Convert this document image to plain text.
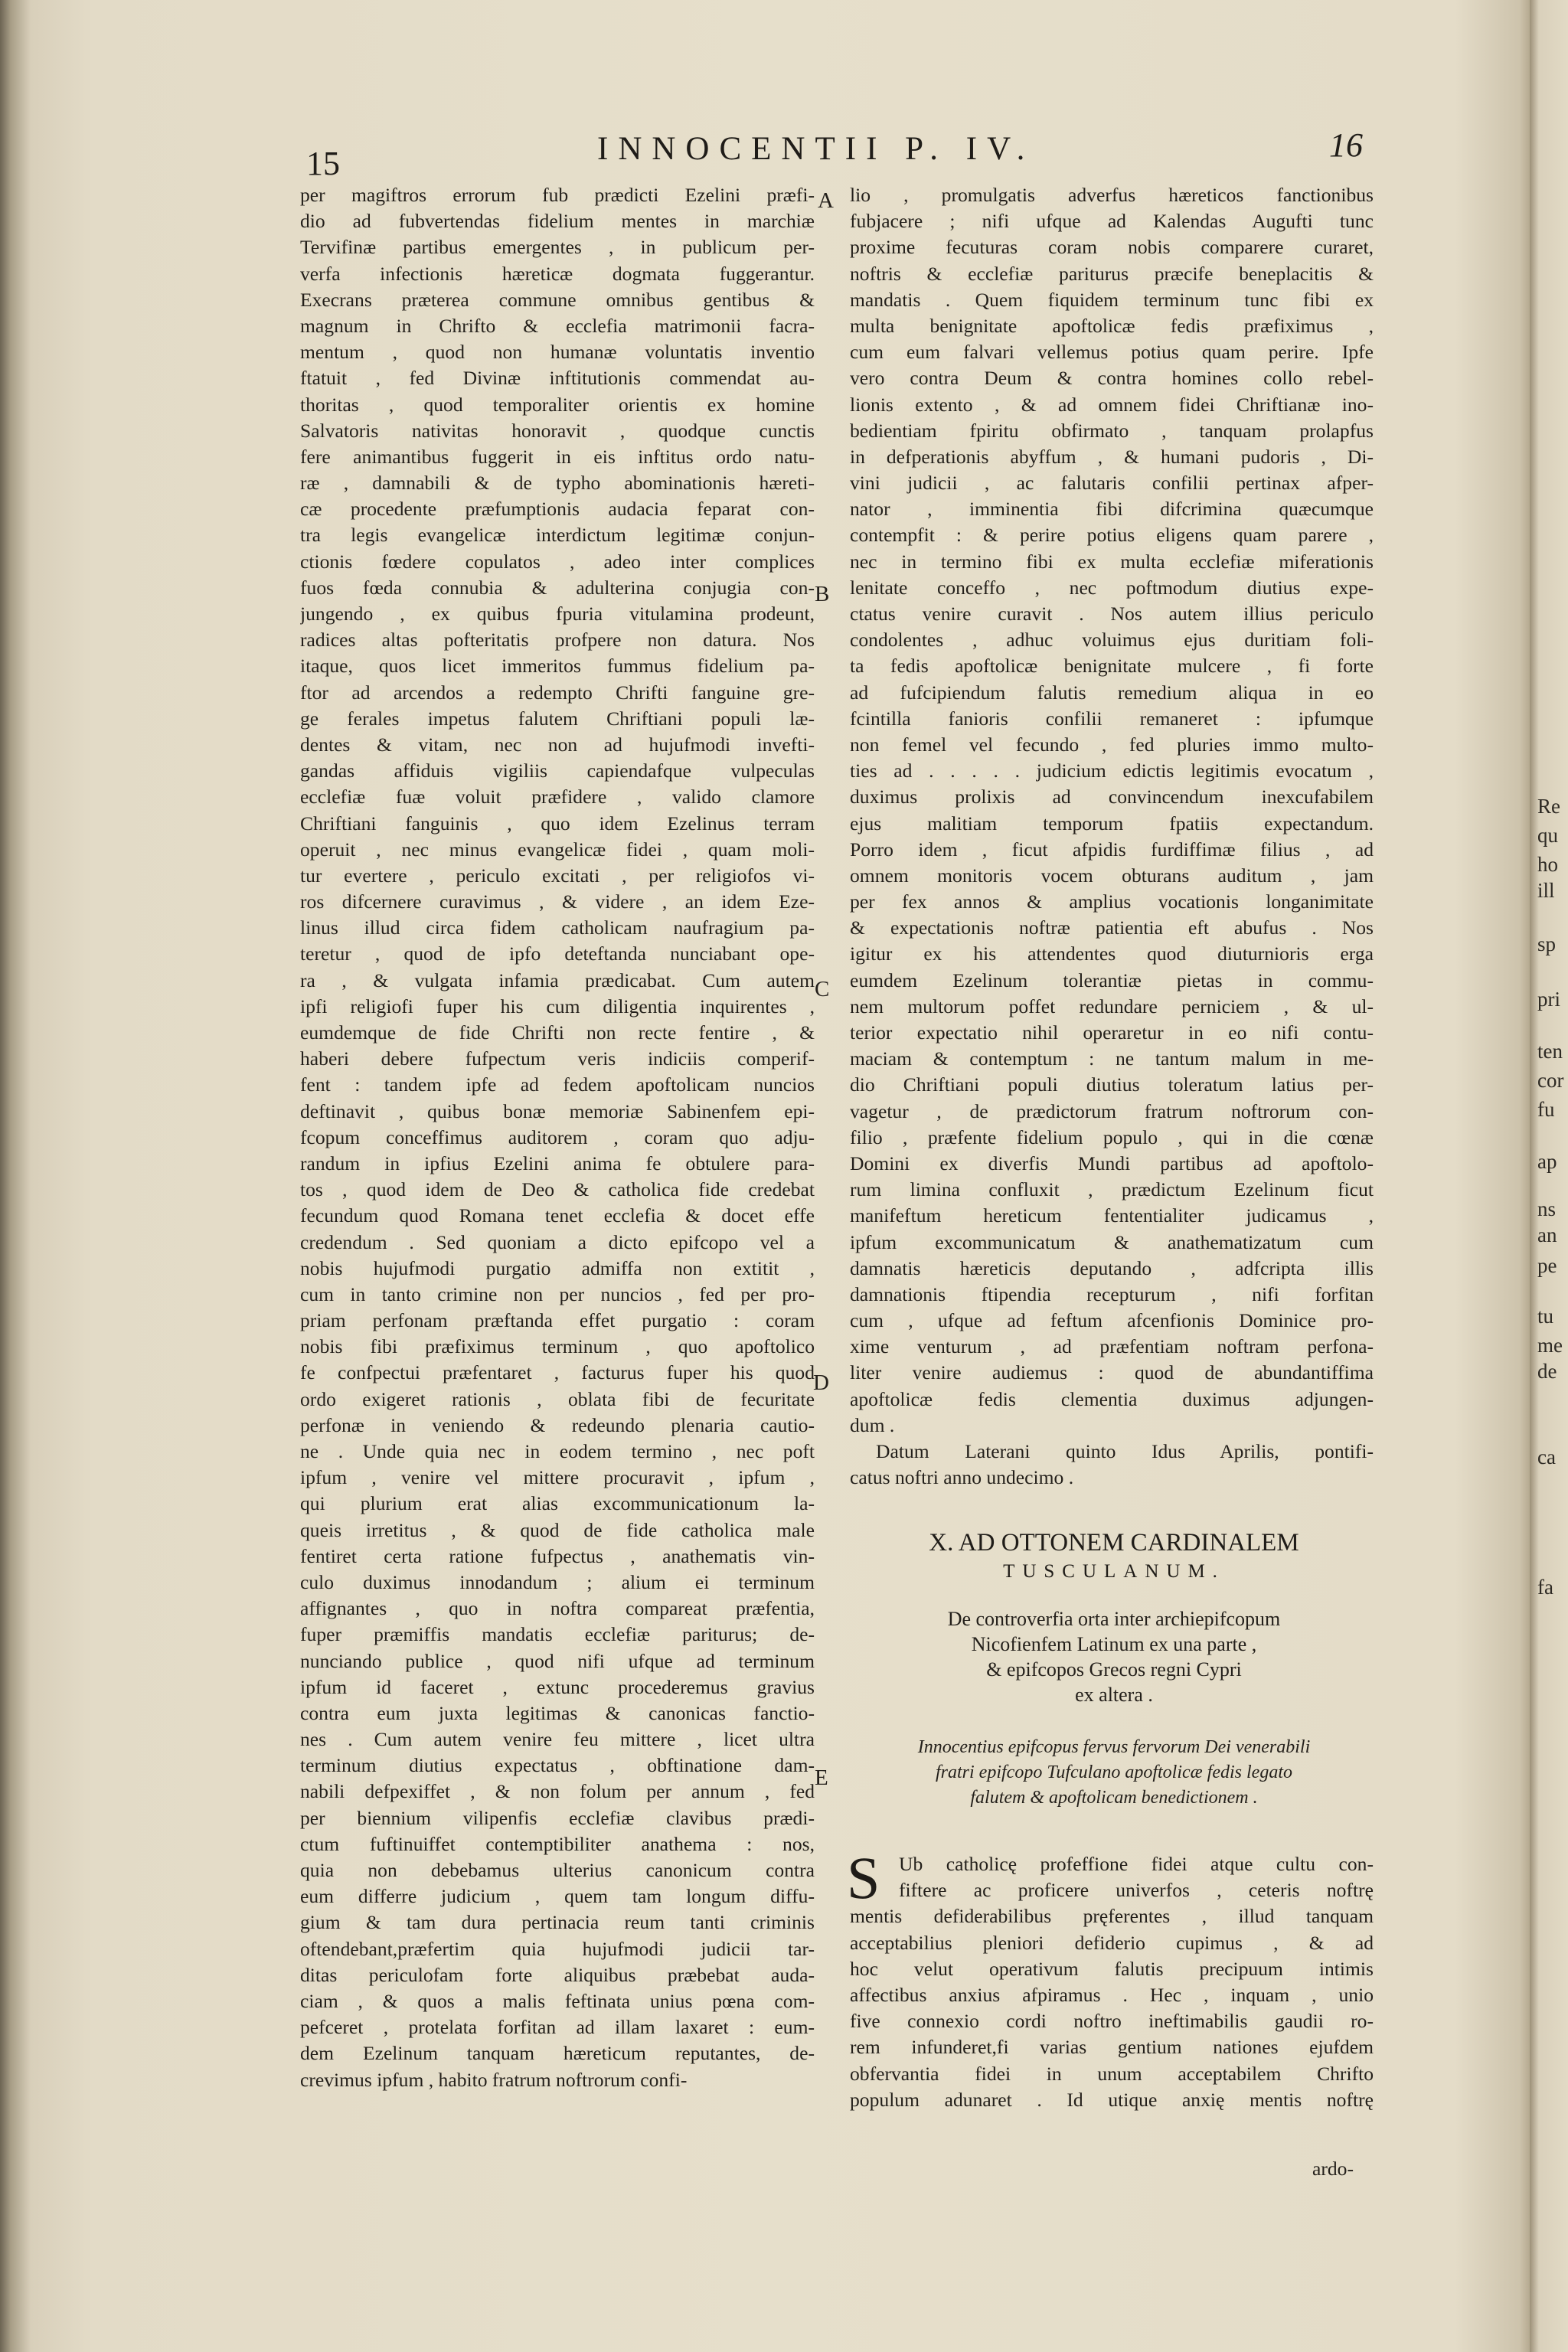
Re
qu
ho
ill
sp
pri
ten
cor
fu
ap
ns
an
pe
tu
me
de
ca
fa
15	INNOCENTII P. IV.	16
A
B
C
D
E
per magiftros errorum fub prædicti Ezelini præfi-
dio ad fubvertendas fidelium mentes in marchiæ
Tervifinæ partibus emergentes , in publicum per-
verfa infectionis hæreticæ dogmata fuggerantur.
Execrans præterea commune omnibus gentibus &
magnum in Chrifto & ecclefia matrimonii facra-
mentum , quod non humanæ voluntatis inventio
ftatuit , fed Divinæ inftitutionis commendat au-
thoritas , quod temporaliter orientis ex homine
Salvatoris nativitas honoravit , quodque cunctis
fere animantibus fuggerit in eis inftitus ordo natu-
ræ , damnabili & de typho abominationis hæreti-
cæ procedente præfumptionis audacia feparat con-
tra legis evangelicæ interdictum legitimæ conjun-
ctionis fœdere copulatos , adeo inter complices
fuos fœda connubia & adulterina conjugia con-
jungendo , ex quibus fpuria vitulamina prodeunt,
radices altas pofteritatis profpere non datura. Nos
itaque, quos licet immeritos fummus fidelium pa-
ftor ad arcendos a redempto Chrifti fanguine gre-
ge ferales impetus falutem Chriftiani populi læ-
dentes & vitam, nec non ad hujufmodi invefti-
gandas affiduis vigiliis capiendafque vulpeculas
ecclefiæ fuæ voluit præfidere , valido clamore
Chriftiani fanguinis , quo idem Ezelinus terram
operuit , nec minus evangelicæ fidei , quam moli-
tur evertere , periculo excitati , per religiofos vi-
ros difcernere curavimus , & videre , an idem Eze-
linus illud circa fidem catholicam naufragium pa-
teretur , quod de ipfo deteftanda nunciabant ope-
ra , & vulgata infamia prædicabat. Cum autem
ipfi religiofi fuper his cum diligentia inquirentes ,
eumdemque de fide Chrifti non recte fentire , &
haberi debere fufpectum veris indiciis comperif-
fent : tandem ipfe ad fedem apoftolicam nuncios
deftinavit , quibus bonæ memoriæ Sabinenfem epi-
fcopum conceffimus auditorem , coram quo adju-
randum in ipfius Ezelini anima fe obtulere para-
tos , quod idem de Deo & catholica fide credebat
fecundum quod Romana tenet ecclefia & docet effe
credendum . Sed quoniam a dicto epifcopo vel a
nobis hujufmodi purgatio admiffa non extitit ,
cum in tanto crimine non per nuncios , fed per pro-
priam perfonam præftanda effet purgatio : coram
nobis fibi præfiximus terminum , quo apoftolico
fe confpectui præfentaret , facturus fuper his quod
ordo exigeret rationis , oblata fibi de fecuritate
perfonæ in veniendo & redeundo plenaria cautio-
ne . Unde quia nec in eodem termino , nec poft
ipfum , venire vel mittere procuravit , ipfum ,
qui plurium erat alias excommunicationum la-
queis irretitus , & quod de fide catholica male
fentiret certa ratione fufpectus , anathematis vin-
culo duximus innodandum ; alium ei terminum
affignantes , quo in noftra compareat præfentia,
fuper præmiffis mandatis ecclefiæ pariturus; de-
nunciando publice , quod nifi ufque ad terminum
ipfum id faceret , extunc procederemus gravius
contra eum juxta legitimas & canonicas fanctio-
nes . Cum autem venire feu mittere , licet ultra
terminum diutius expectatus , obftinatione dam-
nabili defpexiffet , & non folum per annum , fed
per biennium vilipenfis ecclefiæ clavibus prædi-
ctum fuftinuiffet contemptibiliter anathema : nos,
quia non debebamus ulterius canonicum contra
eum differre judicium , quem tam longum diffu-
gium & tam dura pertinacia reum tanti criminis
oftendebant,præfertim quia hujufmodi judicii tar-
ditas periculofam forte aliquibus præbebat auda-
ciam , & quos a malis feftinata unius pœna com-
pefceret , protelata forfitan ad illam laxaret : eum-
dem Ezelinum tanquam hæreticum reputantes, de-
crevimus ipfum , habito fratrum noftrorum confi-
lio , promulgatis adverfus hæreticos fanctionibus
fubjacere ; nifi ufque ad Kalendas Augufti tunc
proxime fecuturas coram nobis comparere curaret,
noftris & ecclefiæ pariturus præcife beneplacitis &
mandatis . Quem fiquidem terminum tunc fibi ex
multa benignitate apoftolicæ fedis præfiximus ,
cum eum falvari vellemus potius quam perire. Ipfe
vero contra Deum & contra homines collo rebel-
lionis extento , & ad omnem fidei Chriftianæ ino-
bedientiam fpiritu obfirmato , tanquam prolapfus
in defperationis abyffum , & humani pudoris , Di-
vini judicii , ac falutaris confilii pertinax afper-
nator , imminentia fibi difcrimina quæcumque
contempfit : & perire potius eligens quam parere ,
nec in termino fibi ex multa ecclefiæ miferationis
lenitate conceffo , nec poftmodum diutius expe-
ctatus venire curavit . Nos autem illius periculo
condolentes , adhuc voluimus ejus duritiam foli-
ta fedis apoftolicæ benignitate mulcere , fi forte
ad fufcipiendum falutis remedium aliqua in eo
fcintilla fanioris confilii remaneret : ipfumque
non femel vel fecundo , fed pluries immo multo-
ties ad . . . . . judicium edictis legitimis evocatum ,
duximus prolixis ad convincendum inexcufabilem
ejus malitiam temporum fpatiis expectandum.
Porro idem , ficut afpidis furdiffimæ filius , ad
omnem monitoris vocem obturans auditum , jam
per fex annos & amplius vocationis longanimitate
& expectationis noftræ patientia eft abufus . Nos
igitur ex his attendentes quod diuturnioris erga
eumdem Ezelinum tolerantiæ pietas in commu-
nem multorum poffet redundare perniciem , & ul-
terior expectatio nihil operaretur in eo nifi contu-
maciam & contemptum : ne tantum malum in me-
dio Chriftiani populi diutius toleratum latius per-
vagetur , de prædictorum fratrum noftrorum con-
filio , præfente fidelium populo , qui in die cœnæ
Domini ex diverfis Mundi partibus ad apoftolo-
rum limina confluxit , prædictum Ezelinum ficut
manifeftum hereticum fententialiter judicamus ,
ipfum excommunicatum & anathematizatum cum
damnatis hæreticis deputando , adfcripta illis
damnationis ftipendia recepturum , nifi forfitan
cum , ufque ad feftum afcenfionis Dominice pro-
xime venturum , ad præfentiam noftram perfona-
liter venire audiemus : quod de abundantiffima
apoftolicæ fedis clementia duximus adjungen-
dum .
Datum Laterani quinto Idus Aprilis, pontifi-
catus noftri anno undecimo .
X. AD OTTONEM CARDINALEM
TUSCULANUM.
De controverfia orta inter archiepifcopum
Nicofienfem Latinum ex una parte ,
& epifcopos Grecos regni Cypri
ex altera .
Innocentius epifcopus fervus fervorum Dei venerabili
fratri epifcopo Tufculano apoftolicæ fedis legato
falutem & apoftolicam benedictionem .
S Ub catholicę profeffione fidei atque cultu con-
fiftere ac proficere univerfos , ceteris noftrę
mentis defiderabilibus pręferentes , illud tanquam
acceptabilius pleniori defiderio cupimus , & ad
hoc velut operativum falutis precipuum intimis
affectibus anxius afpiramus . Hec , inquam , unio
five connexio cordi noftro ineftimabilis gaudii ro-
rem infunderet,fi varias gentium nationes ejufdem
obfervantia fidei in unum acceptabilem Chrifto
populum adunaret . Id utique anxię mentis noftrę
ardo-
